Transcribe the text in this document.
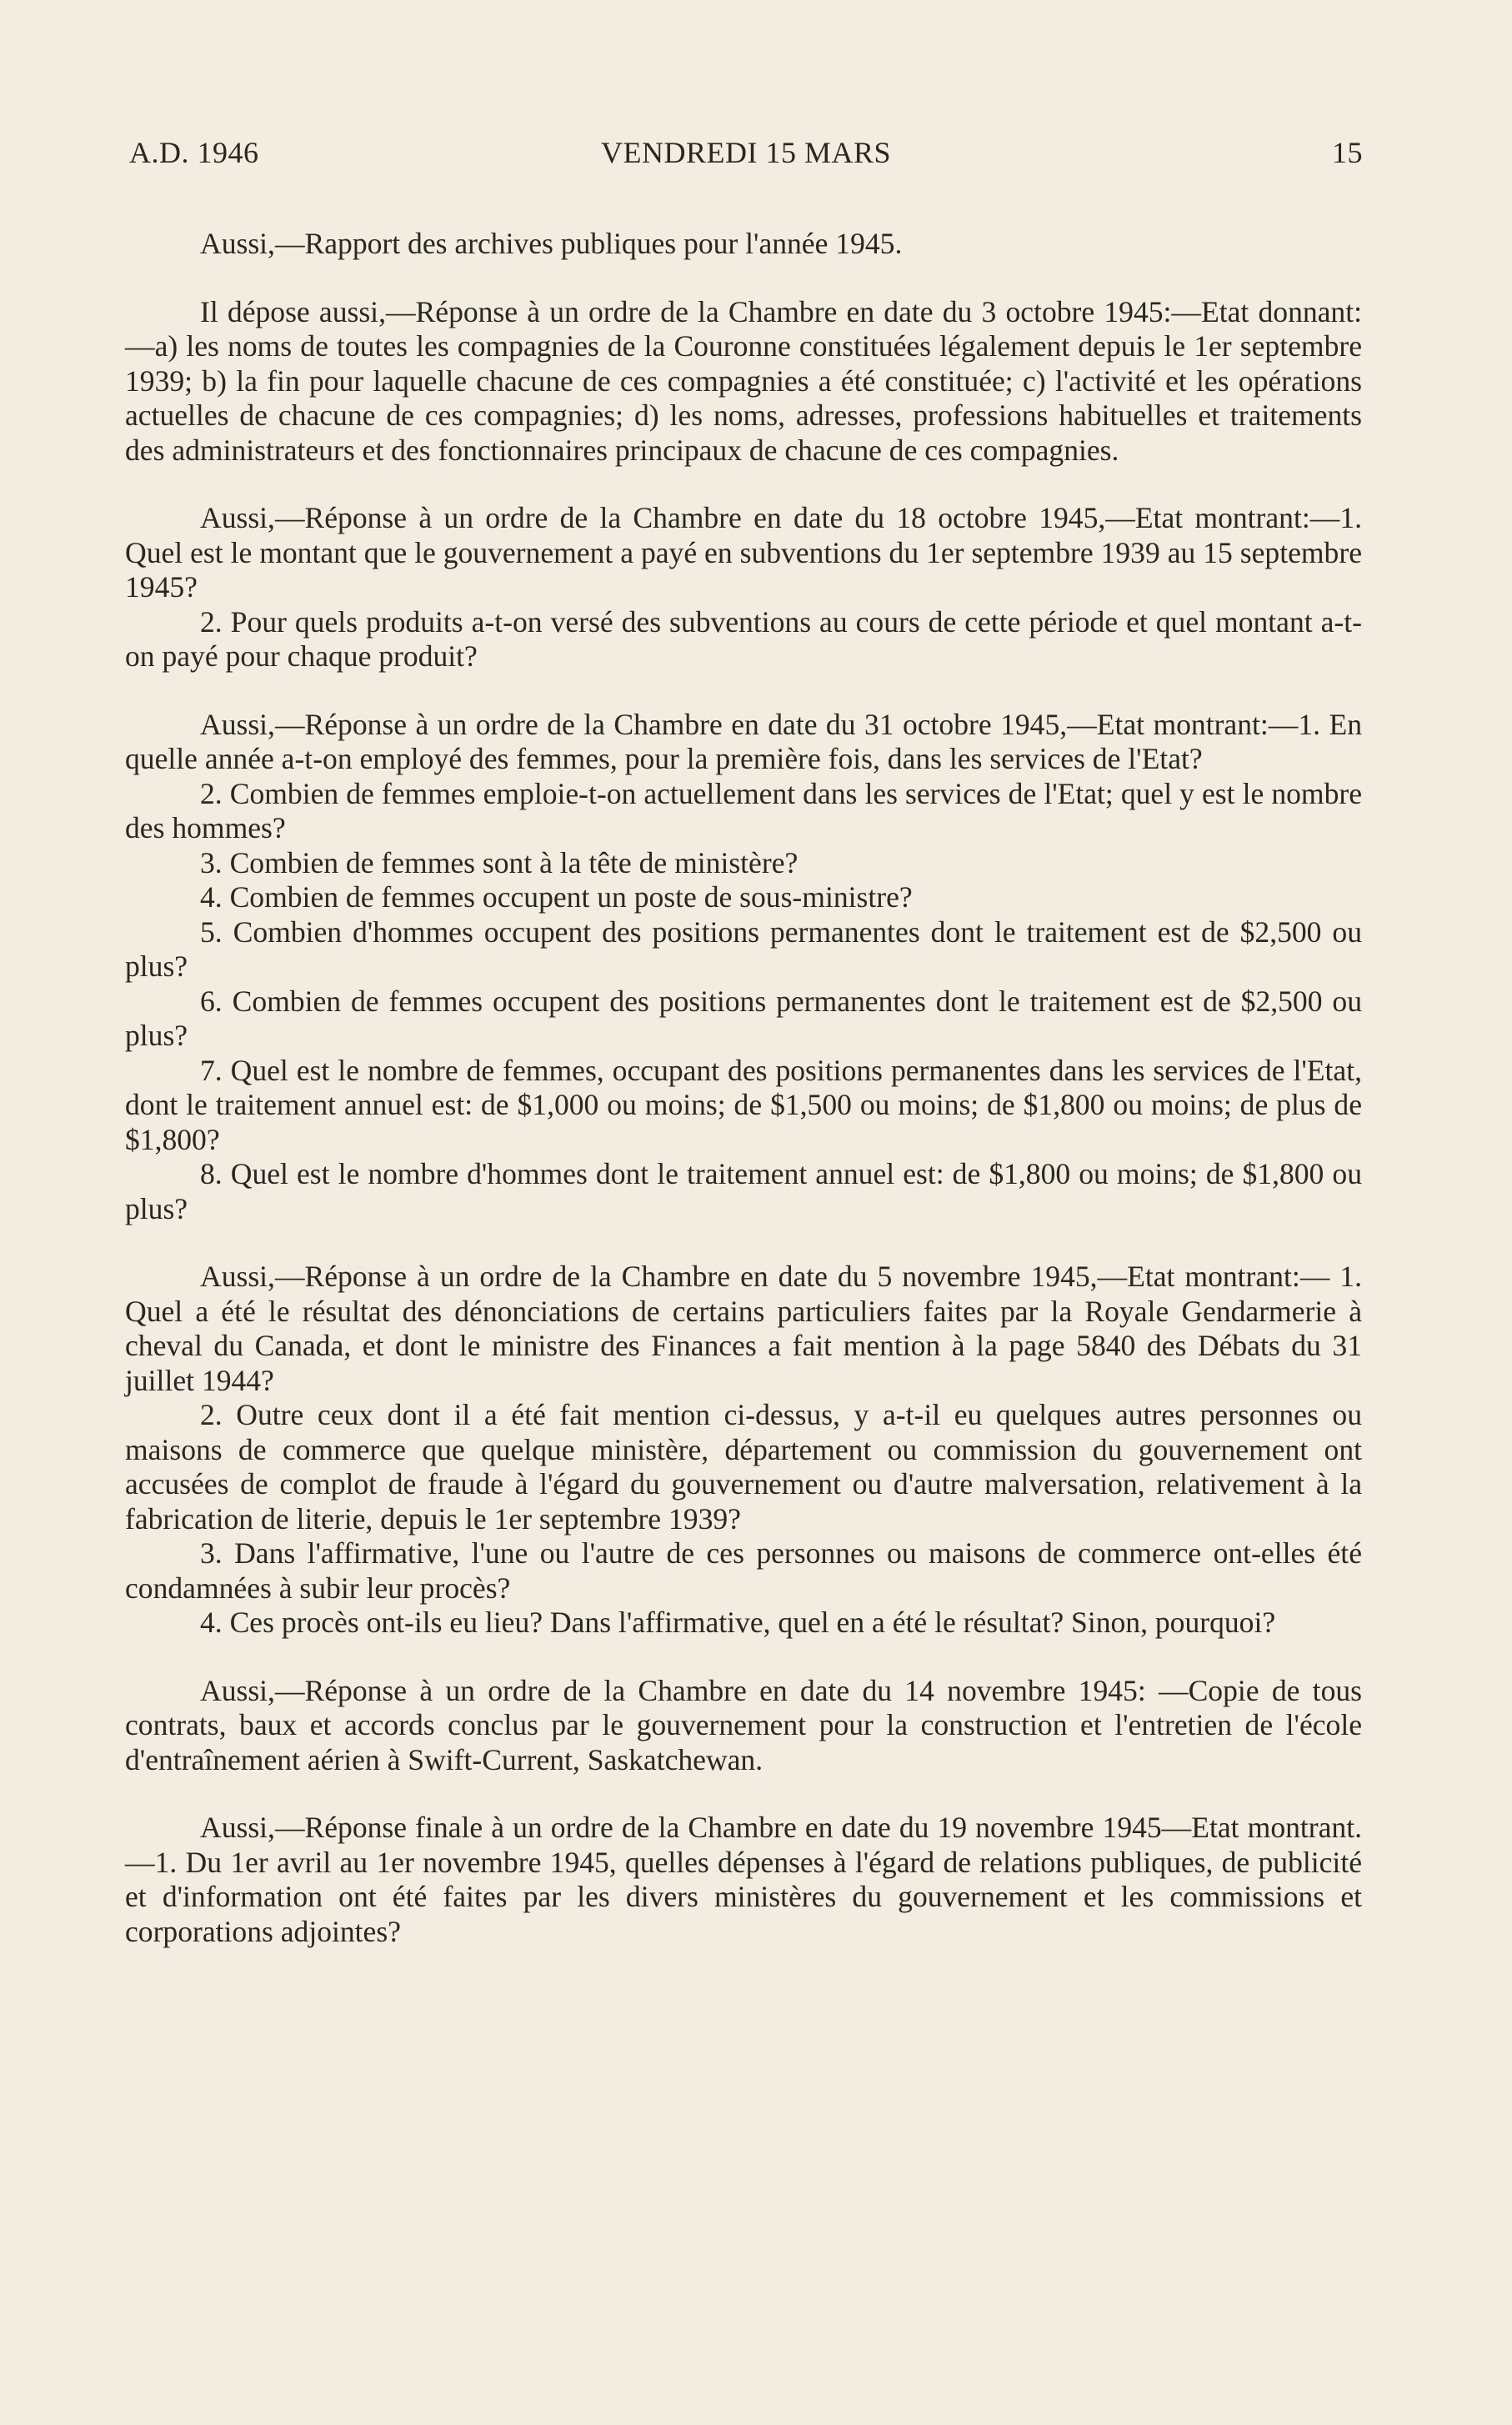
A.D. 1946	VENDREDI 15 MARS	15

Aussi,—Rapport des archives publiques pour l'année 1945.

Il dépose aussi,—Réponse à un ordre de la Chambre en date du 3 octobre 1945:—Etat donnant:—a) les noms de toutes les compagnies de la Couronne constituées légalement depuis le 1er septembre 1939; b) la fin pour laquelle chacune de ces compagnies a été constituée; c) l'activité et les opérations actuelles de chacune de ces compagnies; d) les noms, adresses, professions habituelles et traitements des administrateurs et des fonctionnaires principaux de chacune de ces compagnies.

Aussi,—Réponse à un ordre de la Chambre en date du 18 octobre 1945,—Etat montrant:—1. Quel est le montant que le gouvernement a payé en subventions du 1er septembre 1939 au 15 septembre 1945?

2. Pour quels produits a-t-on versé des subventions au cours de cette période et quel montant a-t-on payé pour chaque produit?

Aussi,—Réponse à un ordre de la Chambre en date du 31 octobre 1945,—Etat montrant:—1. En quelle année a-t-on employé des femmes, pour la première fois, dans les services de l'Etat?

2. Combien de femmes emploie-t-on actuellement dans les services de l'Etat; quel y est le nombre des hommes?

3. Combien de femmes sont à la tête de ministère?

4. Combien de femmes occupent un poste de sous-ministre?

5. Combien d'hommes occupent des positions permanentes dont le traitement est de $2,500 ou plus?

6. Combien de femmes occupent des positions permanentes dont le traitement est de $2,500 ou plus?

7. Quel est le nombre de femmes, occupant des positions permanentes dans les services de l'Etat, dont le traitement annuel est: de $1,000 ou moins; de $1,500 ou moins; de $1,800 ou moins; de plus de $1,800?

8. Quel est le nombre d'hommes dont le traitement annuel est: de $1,800 ou moins; de $1,800 ou plus?

Aussi,—Réponse à un ordre de la Chambre en date du 5 novembre 1945,—Etat montrant:— 1. Quel a été le résultat des dénonciations de certains particuliers faites par la Royale Gendarmerie à cheval du Canada, et dont le ministre des Finances a fait mention à la page 5840 des Débats du 31 juillet 1944?

2. Outre ceux dont il a été fait mention ci-dessus, y a-t-il eu quelques autres personnes ou maisons de commerce que quelque ministère, département ou commission du gouvernement ont accusées de complot de fraude à l'égard du gouvernement ou d'autre malversation, relativement à la fabrication de literie, depuis le 1er septembre 1939?

3. Dans l'affirmative, l'une ou l'autre de ces personnes ou maisons de commerce ont-elles été condamnées à subir leur procès?

4. Ces procès ont-ils eu lieu? Dans l'affirmative, quel en a été le résultat? Sinon, pourquoi?

Aussi,—Réponse à un ordre de la Chambre en date du 14 novembre 1945: —Copie de tous contrats, baux et accords conclus par le gouvernement pour la construction et l'entretien de l'école d'entraînement aérien à Swift-Current, Saskatchewan.

Aussi,—Réponse finale à un ordre de la Chambre en date du 19 novembre 1945—Etat montrant.—1. Du 1er avril au 1er novembre 1945, quelles dépenses à l'égard de relations publiques, de publicité et d'information ont été faites par les divers ministères du gouvernement et les commissions et corporations adjointes?
